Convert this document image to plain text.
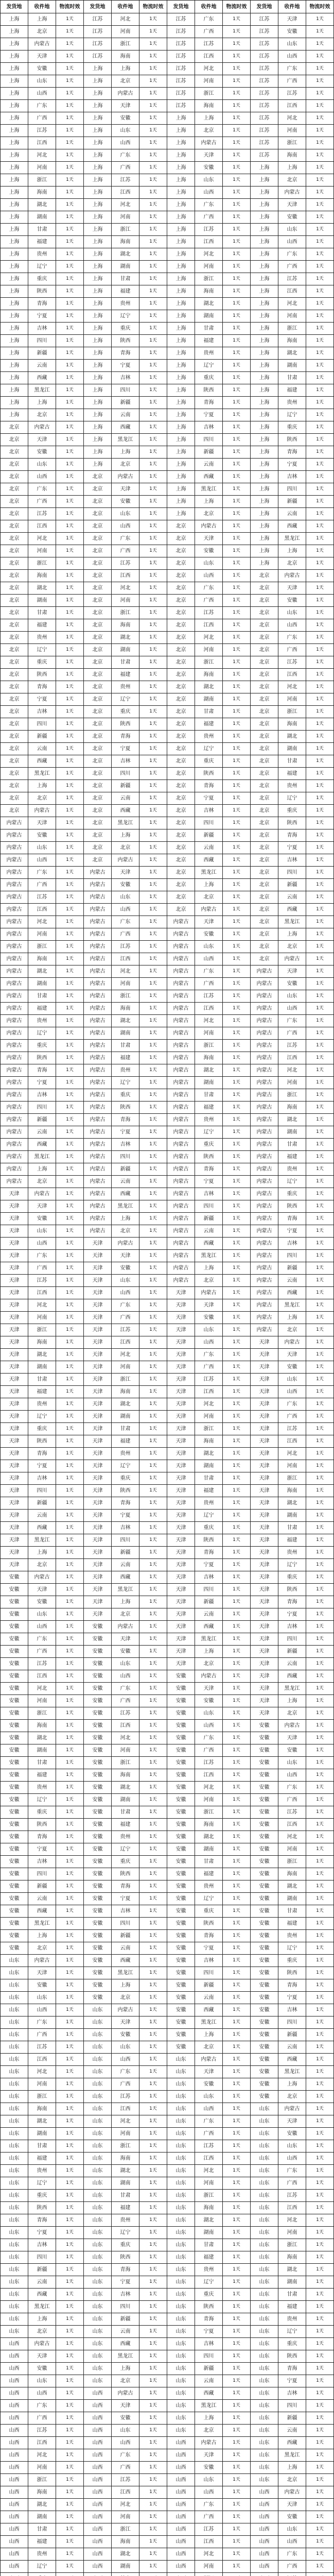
发货地	收件地	物流时效	发货地	收件地	物流时效	发货地	收件地	物流时效	发货地	收件地	物流时效
上海	上海	1天	江苏	河北	1天	江苏	广东	1天	江苏	天津	1天
上海	北京	1天	江苏	河南	1天	江苏	广西	1天	江苏	安徽	1天
上海	内蒙古	1天	江苏	浙江	1天	江苏	江苏	1天	江苏	山东	1天
上海	天津	1天	江苏	海南	1天	江苏	江西	1天	江苏	山西	1天
上海	安徽	1天	上海	上海	1天	江苏	河北	1天	江苏	广东	1天
上海	山东	1天	上海	北京	1天	江苏	河南	1天	江苏	广西	1天
上海	山西	1天	上海	内蒙古	1天	江苏	浙江	1天	江苏	江苏	1天
上海	广东	1天	上海	天津	1天	江苏	海南	1天	江苏	江西	1天
上海	广西	1天	上海	安徽	1天	上海	上海	1天	江苏	河北	1天
上海	江苏	1天	上海	山东	1天	上海	北京	1天	江苏	河南	1天
上海	江西	1天	上海	山西	1天	上海	内蒙古	1天	江苏	浙江	1天
上海	河北	1天	上海	广东	1天	上海	天津	1天	江苏	海南	1天
上海	河南	1天	上海	广西	1天	上海	安徽	1天	上海	上海	1天
上海	浙江	1天	上海	江苏	1天	上海	山东	1天	上海	北京	1天
上海	海南	1天	上海	江西	1天	上海	山西	1天	上海	内蒙古	1天
上海	湖北	1天	上海	河北	1天	上海	广东	1天	上海	天津	1天
上海	湖南	1天	上海	河南	1天	上海	广西	1天	上海	安徽	1天
上海	甘肃	1天	上海	浙江	1天	上海	江苏	1天	上海	山东	1天
上海	福建	1天	上海	海南	1天	上海	江西	1天	上海	山西	1天
上海	贵州	1天	上海	湖北	1天	上海	河北	1天	上海	广东	1天
上海	辽宁	1天	上海	湖南	1天	上海	河南	1天	上海	广西	1天
上海	重庆	1天	上海	甘肃	1天	上海	浙江	1天	上海	江苏	1天
上海	陕西	1天	上海	福建	1天	上海	海南	1天	上海	江西	1天
上海	青海	1天	上海	贵州	1天	上海	湖北	1天	上海	河北	1天
上海	宁夏	1天	上海	辽宁	1天	上海	湖南	1天	上海	河南	1天
上海	吉林	1天	上海	重庆	1天	上海	甘肃	1天	上海	浙江	1天
上海	四川	1天	上海	陕西	1天	上海	福建	1天	上海	海南	1天
上海	新疆	1天	上海	青海	1天	上海	贵州	1天	上海	湖北	1天
上海	云南	1天	上海	宁夏	1天	上海	辽宁	1天	上海	湖南	1天
上海	西藏	1天	上海	吉林	1天	上海	重庆	1天	上海	甘肃	1天
上海	黑龙江	1天	上海	四川	1天	上海	陕西	1天	上海	福建	1天
上海	上海	1天	上海	新疆	1天	上海	青海	1天	上海	贵州	1天
上海	北京	1天	上海	云南	1天	上海	宁夏	1天	上海	辽宁	1天
北京	内蒙古	1天	上海	西藏	1天	上海	吉林	1天	上海	重庆	1天
北京	天津	1天	上海	黑龙江	1天	上海	四川	1天	上海	陕西	1天
北京	安徽	1天	上海	上海	1天	上海	新疆	1天	上海	青海	1天
北京	山东	1天	上海	北京	1天	上海	云南	1天	上海	宁夏	1天
北京	山西	1天	北京	内蒙古	1天	上海	西藏	1天	上海	吉林	1天
北京	广东	1天	北京	天津	1天	上海	黑龙江	1天	上海	四川	1天
北京	广西	1天	北京	安徽	1天	上海	上海	1天	上海	新疆	1天
北京	江苏	1天	北京	山东	1天	上海	北京	1天	上海	云南	1天
北京	江西	1天	北京	山西	1天	北京	内蒙古	1天	上海	西藏	1天
北京	河北	1天	北京	广东	1天	北京	天津	1天	上海	黑龙江	1天
北京	河南	1天	北京	广西	1天	北京	安徽	1天	上海	上海	1天
北京	浙江	1天	北京	江苏	1天	北京	山东	1天	上海	北京	1天
北京	海南	1天	北京	江西	1天	北京	山西	1天	北京	内蒙古	1天
北京	湖北	1天	北京	河北	1天	北京	广东	1天	北京	天津	1天
北京	湖南	1天	北京	河南	1天	北京	广西	1天	北京	安徽	1天
北京	甘肃	1天	北京	浙江	1天	北京	江苏	1天	北京	山东	1天
北京	福建	1天	北京	海南	1天	北京	江西	1天	北京	山西	1天
北京	贵州	1天	北京	湖北	1天	北京	河北	1天	北京	广东	1天
北京	辽宁	1天	北京	湖南	1天	北京	河南	1天	北京	广西	1天
北京	重庆	1天	北京	甘肃	1天	北京	浙江	1天	北京	江苏	1天
北京	陕西	1天	北京	福建	1天	北京	海南	1天	北京	江西	1天
北京	青海	1天	北京	贵州	1天	北京	湖北	1天	北京	河北	1天
北京	宁夏	1天	北京	辽宁	1天	北京	湖南	1天	北京	河南	1天
北京	吉林	1天	北京	重庆	1天	北京	甘肃	1天	北京	浙江	1天
北京	四川	1天	北京	陕西	1天	北京	福建	1天	北京	海南	1天
北京	新疆	1天	北京	青海	1天	北京	贵州	1天	北京	湖北	1天
北京	云南	1天	北京	宁夏	1天	北京	辽宁	1天	北京	湖南	1天
北京	西藏	1天	北京	吉林	1天	北京	重庆	1天	北京	甘肃	1天
北京	黑龙江	1天	北京	四川	1天	北京	陕西	1天	北京	福建	1天
北京	上海	1天	北京	新疆	1天	北京	青海	1天	北京	贵州	1天
北京	北京	1天	北京	云南	1天	北京	宁夏	1天	北京	辽宁	1天
北京	内蒙古	1天	北京	西藏	1天	北京	吉林	1天	北京	重庆	1天
内蒙古	天津	1天	北京	黑龙江	1天	北京	四川	1天	北京	陕西	1天
内蒙古	安徽	1天	北京	上海	1天	北京	新疆	1天	北京	青海	1天
内蒙古	山东	1天	北京	北京	1天	北京	云南	1天	北京	宁夏	1天
内蒙古	山西	1天	北京	内蒙古	1天	北京	西藏	1天	北京	吉林	1天
内蒙古	广东	1天	内蒙古	天津	1天	北京	黑龙江	1天	北京	四川	1天
内蒙古	广西	1天	内蒙古	安徽	1天	北京	上海	1天	北京	新疆	1天
内蒙古	江苏	1天	内蒙古	山东	1天	北京	北京	1天	北京	云南	1天
内蒙古	江西	1天	内蒙古	山西	1天	北京	内蒙古	1天	北京	西藏	1天
内蒙古	河北	1天	内蒙古	广东	1天	内蒙古	天津	1天	北京	黑龙江	1天
内蒙古	河南	1天	内蒙古	广西	1天	内蒙古	安徽	1天	北京	上海	1天
内蒙古	浙江	1天	内蒙古	江苏	1天	内蒙古	山东	1天	北京	北京	1天
内蒙古	海南	1天	内蒙古	江西	1天	内蒙古	山西	1天	北京	内蒙古	1天
内蒙古	湖北	1天	内蒙古	河北	1天	内蒙古	广东	1天	内蒙古	天津	1天
内蒙古	湖南	1天	内蒙古	河南	1天	内蒙古	广西	1天	内蒙古	安徽	1天
内蒙古	甘肃	1天	内蒙古	浙江	1天	内蒙古	江苏	1天	内蒙古	山东	1天
内蒙古	福建	1天	内蒙古	海南	1天	内蒙古	江西	1天	内蒙古	山西	1天
内蒙古	贵州	1天	内蒙古	湖北	1天	内蒙古	河北	1天	内蒙古	广东	1天
内蒙古	辽宁	1天	内蒙古	湖南	1天	内蒙古	河南	1天	内蒙古	广西	1天
内蒙古	重庆	1天	内蒙古	甘肃	1天	内蒙古	浙江	1天	内蒙古	江苏	1天
内蒙古	陕西	1天	内蒙古	福建	1天	内蒙古	海南	1天	内蒙古	江西	1天
内蒙古	青海	1天	内蒙古	贵州	1天	内蒙古	湖北	1天	内蒙古	河北	1天
内蒙古	宁夏	1天	内蒙古	辽宁	1天	内蒙古	湖南	1天	内蒙古	河南	1天
内蒙古	吉林	1天	内蒙古	重庆	1天	内蒙古	甘肃	1天	内蒙古	浙江	1天
内蒙古	四川	1天	内蒙古	陕西	1天	内蒙古	福建	1天	内蒙古	海南	1天
内蒙古	新疆	1天	内蒙古	青海	1天	内蒙古	贵州	1天	内蒙古	湖北	1天
内蒙古	云南	1天	内蒙古	宁夏	1天	内蒙古	辽宁	1天	内蒙古	湖南	1天
内蒙古	西藏	1天	内蒙古	吉林	1天	内蒙古	重庆	1天	内蒙古	甘肃	1天
内蒙古	黑龙江	1天	内蒙古	四川	1天	内蒙古	陕西	1天	内蒙古	福建	1天
内蒙古	上海	1天	内蒙古	新疆	1天	内蒙古	青海	1天	内蒙古	贵州	1天
内蒙古	北京	1天	内蒙古	云南	1天	内蒙古	宁夏	1天	内蒙古	辽宁	1天
天津	内蒙古	1天	内蒙古	西藏	1天	内蒙古	吉林	1天	内蒙古	重庆	1天
天津	天津	1天	内蒙古	黑龙江	1天	内蒙古	四川	1天	内蒙古	陕西	1天
天津	安徽	1天	内蒙古	上海	1天	内蒙古	新疆	1天	内蒙古	青海	1天
天津	山东	1天	内蒙古	北京	1天	内蒙古	云南	1天	内蒙古	宁夏	1天
天津	山西	1天	天津	内蒙古	1天	内蒙古	西藏	1天	内蒙古	吉林	1天
天津	广东	1天	天津	天津	1天	内蒙古	黑龙江	1天	内蒙古	四川	1天
天津	广西	1天	天津	安徽	1天	内蒙古	上海	1天	内蒙古	新疆	1天
天津	江苏	1天	天津	山东	1天	内蒙古	北京	1天	内蒙古	云南	1天
天津	江西	1天	天津	山西	1天	天津	内蒙古	1天	内蒙古	西藏	1天
天津	河北	1天	天津	广东	1天	天津	天津	1天	内蒙古	黑龙江	1天
天津	河南	1天	天津	广西	1天	天津	安徽	1天	内蒙古	上海	1天
天津	浙江	1天	天津	江苏	1天	天津	山东	1天	内蒙古	北京	1天
天津	海南	1天	天津	江西	1天	天津	山西	1天	天津	内蒙古	1天
天津	湖北	1天	天津	河北	1天	天津	广东	1天	天津	天津	1天
天津	湖南	1天	天津	河南	1天	天津	广西	1天	天津	安徽	1天
天津	甘肃	1天	天津	浙江	1天	天津	江苏	1天	天津	山东	1天
天津	福建	1天	天津	海南	1天	天津	江西	1天	天津	山西	1天
天津	贵州	1天	天津	湖北	1天	天津	河北	1天	天津	广东	1天
天津	辽宁	1天	天津	湖南	1天	天津	河南	1天	天津	广西	1天
天津	重庆	1天	天津	甘肃	1天	天津	浙江	1天	天津	江苏	1天
天津	陕西	1天	天津	福建	1天	天津	海南	1天	天津	江西	1天
天津	青海	1天	天津	贵州	1天	天津	湖北	1天	天津	河北	1天
天津	宁夏	1天	天津	辽宁	1天	天津	湖南	1天	天津	河南	1天
天津	吉林	1天	天津	重庆	1天	天津	甘肃	1天	天津	浙江	1天
天津	四川	1天	天津	陕西	1天	天津	福建	1天	天津	海南	1天
天津	新疆	1天	天津	青海	1天	天津	贵州	1天	天津	湖北	1天
天津	云南	1天	天津	宁夏	1天	天津	辽宁	1天	天津	湖南	1天
天津	西藏	1天	天津	吉林	1天	天津	重庆	1天	天津	甘肃	1天
天津	黑龙江	1天	天津	四川	1天	天津	陕西	1天	天津	福建	1天
天津	上海	1天	天津	新疆	1天	天津	青海	1天	天津	贵州	1天
天津	北京	1天	天津	云南	1天	天津	宁夏	1天	天津	辽宁	1天
安徽	内蒙古	1天	天津	西藏	1天	天津	吉林	1天	天津	重庆	1天
安徽	天津	1天	天津	黑龙江	1天	天津	四川	1天	天津	陕西	1天
安徽	安徽	1天	天津	上海	1天	天津	新疆	1天	天津	青海	1天
安徽	山东	1天	天津	北京	1天	天津	云南	1天	天津	宁夏	1天
安徽	山西	1天	安徽	内蒙古	1天	天津	西藏	1天	天津	吉林	1天
安徽	广东	1天	安徽	天津	1天	天津	黑龙江	1天	天津	四川	1天
安徽	广西	1天	安徽	安徽	1天	天津	上海	1天	天津	新疆	1天
安徽	江苏	1天	安徽	山东	1天	天津	北京	1天	天津	云南	1天
安徽	江西	1天	安徽	山西	1天	安徽	内蒙古	1天	天津	西藏	1天
安徽	河北	1天	安徽	广东	1天	安徽	天津	1天	天津	黑龙江	1天
安徽	河南	1天	安徽	广西	1天	安徽	安徽	1天	天津	上海	1天
安徽	浙江	1天	安徽	江苏	1天	安徽	山东	1天	天津	北京	1天
安徽	海南	1天	安徽	江西	1天	安徽	山西	1天	安徽	内蒙古	1天
安徽	湖北	1天	安徽	河北	1天	安徽	广东	1天	安徽	天津	1天
安徽	湖南	1天	安徽	河南	1天	安徽	广西	1天	安徽	安徽	1天
安徽	甘肃	1天	安徽	浙江	1天	安徽	江苏	1天	安徽	山东	1天
安徽	福建	1天	安徽	海南	1天	安徽	江西	1天	安徽	山西	1天
安徽	贵州	1天	安徽	湖北	1天	安徽	河北	1天	安徽	广东	1天
安徽	辽宁	1天	安徽	湖南	1天	安徽	河南	1天	安徽	广西	1天
安徽	重庆	1天	安徽	甘肃	1天	安徽	浙江	1天	安徽	江苏	1天
安徽	陕西	1天	安徽	福建	1天	安徽	海南	1天	安徽	江西	1天
安徽	青海	1天	安徽	贵州	1天	安徽	湖北	1天	安徽	河北	1天
安徽	宁夏	1天	安徽	辽宁	1天	安徽	湖南	1天	安徽	河南	1天
安徽	吉林	1天	安徽	重庆	1天	安徽	甘肃	1天	安徽	浙江	1天
安徽	四川	1天	安徽	陕西	1天	安徽	福建	1天	安徽	海南	1天
安徽	新疆	1天	安徽	青海	1天	安徽	贵州	1天	安徽	湖北	1天
安徽	云南	1天	安徽	宁夏	1天	安徽	辽宁	1天	安徽	湖南	1天
安徽	西藏	1天	安徽	吉林	1天	安徽	重庆	1天	安徽	甘肃	1天
安徽	黑龙江	1天	安徽	四川	1天	安徽	陕西	1天	安徽	福建	1天
安徽	上海	1天	安徽	新疆	1天	安徽	青海	1天	安徽	贵州	1天
安徽	北京	1天	安徽	云南	1天	安徽	宁夏	1天	安徽	辽宁	1天
山东	内蒙古	1天	安徽	西藏	1天	安徽	吉林	1天	安徽	重庆	1天
山东	天津	1天	安徽	黑龙江	1天	安徽	四川	1天	安徽	陕西	1天
山东	安徽	1天	安徽	上海	1天	安徽	新疆	1天	安徽	青海	1天
山东	山东	1天	安徽	北京	1天	安徽	云南	1天	安徽	宁夏	1天
山东	山西	1天	山东	内蒙古	1天	安徽	西藏	1天	安徽	吉林	1天
山东	广东	1天	山东	天津	1天	安徽	黑龙江	1天	安徽	四川	1天
山东	广西	1天	山东	安徽	1天	安徽	上海	1天	安徽	新疆	1天
山东	江苏	1天	山东	山东	1天	安徽	北京	1天	安徽	云南	1天
山东	江西	1天	山东	山西	1天	山东	内蒙古	1天	安徽	西藏	1天
山东	河北	1天	山东	广东	1天	山东	天津	1天	安徽	黑龙江	1天
山东	河南	1天	山东	广西	1天	山东	安徽	1天	安徽	上海	1天
山东	浙江	1天	山东	江苏	1天	山东	山东	1天	安徽	北京	1天
山东	海南	1天	山东	江西	1天	山东	山西	1天	山东	内蒙古	1天
山东	湖北	1天	山东	河北	1天	山东	广东	1天	山东	天津	1天
山东	湖南	1天	山东	河南	1天	山东	广西	1天	山东	安徽	1天
山东	甘肃	1天	山东	浙江	1天	山东	江苏	1天	山东	山东	1天
山东	福建	1天	山东	海南	1天	山东	江西	1天	山东	山西	1天
山东	贵州	1天	山东	湖北	1天	山东	河北	1天	山东	广东	1天
山东	辽宁	1天	山东	湖南	1天	山东	河南	1天	山东	广西	1天
山东	重庆	1天	山东	甘肃	1天	山东	浙江	1天	山东	江苏	1天
山东	陕西	1天	山东	福建	1天	山东	海南	1天	山东	江西	1天
山东	青海	1天	山东	贵州	1天	山东	湖北	1天	山东	河北	1天
山东	宁夏	1天	山东	辽宁	1天	山东	湖南	1天	山东	河南	1天
山东	吉林	1天	山东	重庆	1天	山东	甘肃	1天	山东	浙江	1天
山东	四川	1天	山东	陕西	1天	山东	福建	1天	山东	海南	1天
山东	新疆	1天	山东	青海	1天	山东	贵州	1天	山东	湖北	1天
山东	云南	1天	山东	宁夏	1天	山东	辽宁	1天	山东	湖南	1天
山东	西藏	1天	山东	吉林	1天	山东	重庆	1天	山东	甘肃	1天
山东	黑龙江	1天	山东	四川	1天	山东	陕西	1天	山东	福建	1天
山东	上海	1天	山东	新疆	1天	山东	青海	1天	山东	贵州	1天
山东	北京	1天	山东	云南	1天	山东	宁夏	1天	山东	辽宁	1天
山西	内蒙古	1天	山东	西藏	1天	山东	吉林	1天	山东	重庆	1天
山西	天津	1天	山东	黑龙江	1天	山东	四川	1天	山东	陕西	1天
山西	安徽	1天	山东	上海	1天	山东	新疆	1天	山东	青海	1天
山西	山东	1天	山东	北京	1天	山东	云南	1天	山东	宁夏	1天
山西	山西	1天	山西	内蒙古	1天	山东	西藏	1天	山东	吉林	1天
山西	广东	1天	山西	天津	1天	山东	黑龙江	1天	山东	四川	1天
山西	广西	1天	山西	安徽	1天	山东	上海	1天	山东	新疆	1天
山西	江苏	1天	山西	山东	1天	山东	北京	1天	山东	云南	1天
山西	江西	1天	山西	山西	1天	山西	内蒙古	1天	山东	西藏	1天
山西	河北	1天	山西	广东	1天	山西	天津	1天	山东	黑龙江	1天
山西	河南	1天	山西	广西	1天	山西	安徽	1天	山东	上海	1天
山西	浙江	1天	山西	江苏	1天	山西	山东	1天	山东	北京	1天
山西	海南	1天	山西	江西	1天	山西	山西	1天	山西	内蒙古	1天
山西	湖北	1天	山西	河北	1天	山西	广东	1天	山西	天津	1天
山西	湖南	1天	山西	河南	1天	山西	广西	1天	山西	安徽	1天
山西	甘肃	1天	山西	浙江	1天	山西	江苏	1天	山西	山东	1天
山西	福建	1天	山西	海南	1天	山西	江西	1天	山西	山西	1天
山西	贵州	1天	山西	湖北	1天	山西	河北	1天	山西	广东	1天
山西	辽宁	1天	山西	湖南	1天	山西	河南	1天	山西	广西	1天
